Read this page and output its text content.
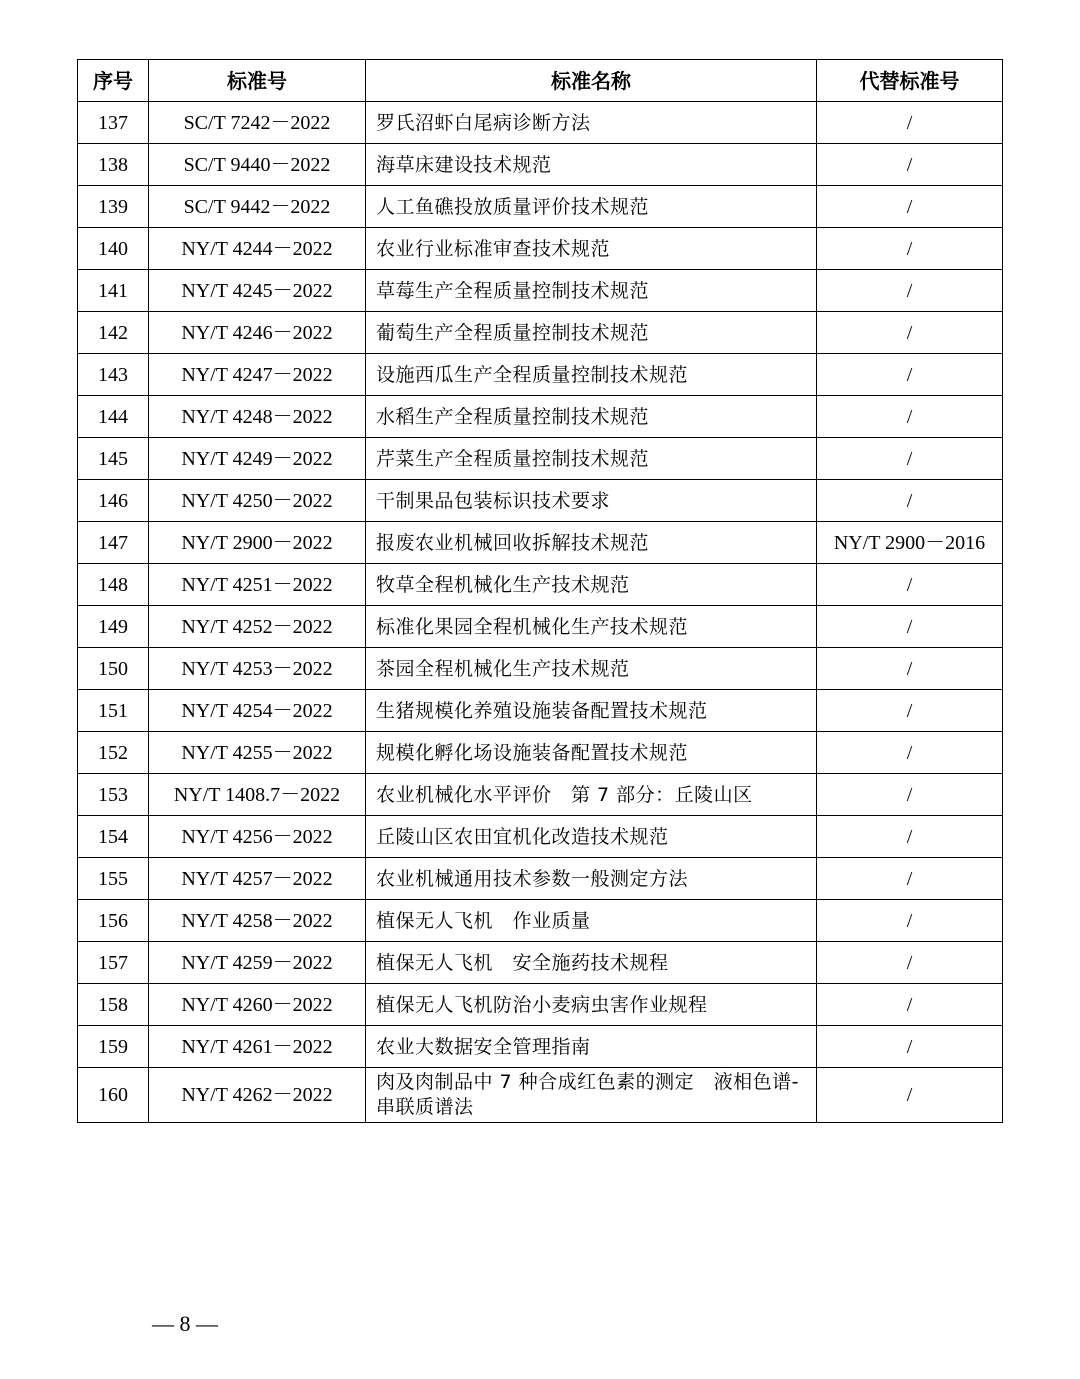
序号	标准号	标准名称	代替标准号
137	SC/T 7242－2022	罗氏沼虾白尾病诊断方法	/
138	SC/T 9440－2022	海草床建设技术规范	/
139	SC/T 9442－2022	人工鱼礁投放质量评价技术规范	/
140	NY/T 4244－2022	农业行业标准审查技术规范	/
141	NY/T 4245－2022	草莓生产全程质量控制技术规范	/
142	NY/T 4246－2022	葡萄生产全程质量控制技术规范	/
143	NY/T 4247－2022	设施西瓜生产全程质量控制技术规范	/
144	NY/T 4248－2022	水稻生产全程质量控制技术规范	/
145	NY/T 4249－2022	芹菜生产全程质量控制技术规范	/
146	NY/T 4250－2022	干制果品包装标识技术要求	/
147	NY/T 2900－2022	报废农业机械回收拆解技术规范	NY/T 2900－2016
148	NY/T 4251－2022	牧草全程机械化生产技术规范	/
149	NY/T 4252－2022	标准化果园全程机械化生产技术规范	/
150	NY/T 4253－2022	茶园全程机械化生产技术规范	/
151	NY/T 4254－2022	生猪规模化养殖设施装备配置技术规范	/
152	NY/T 4255－2022	规模化孵化场设施装备配置技术规范	/
153	NY/T 1408.7－2022	农业机械化水平评价　第 7 部分：丘陵山区	/
154	NY/T 4256－2022	丘陵山区农田宜机化改造技术规范	/
155	NY/T 4257－2022	农业机械通用技术参数一般测定方法	/
156	NY/T 4258－2022	植保无人飞机　作业质量	/
157	NY/T 4259－2022	植保无人飞机　安全施药技术规程	/
158	NY/T 4260－2022	植保无人飞机防治小麦病虫害作业规程	/
159	NY/T 4261－2022	农业大数据安全管理指南	/
160	NY/T 4262－2022	肉及肉制品中 7 种合成红色素的测定　液相色谱-串联质谱法	/
— 8 —
